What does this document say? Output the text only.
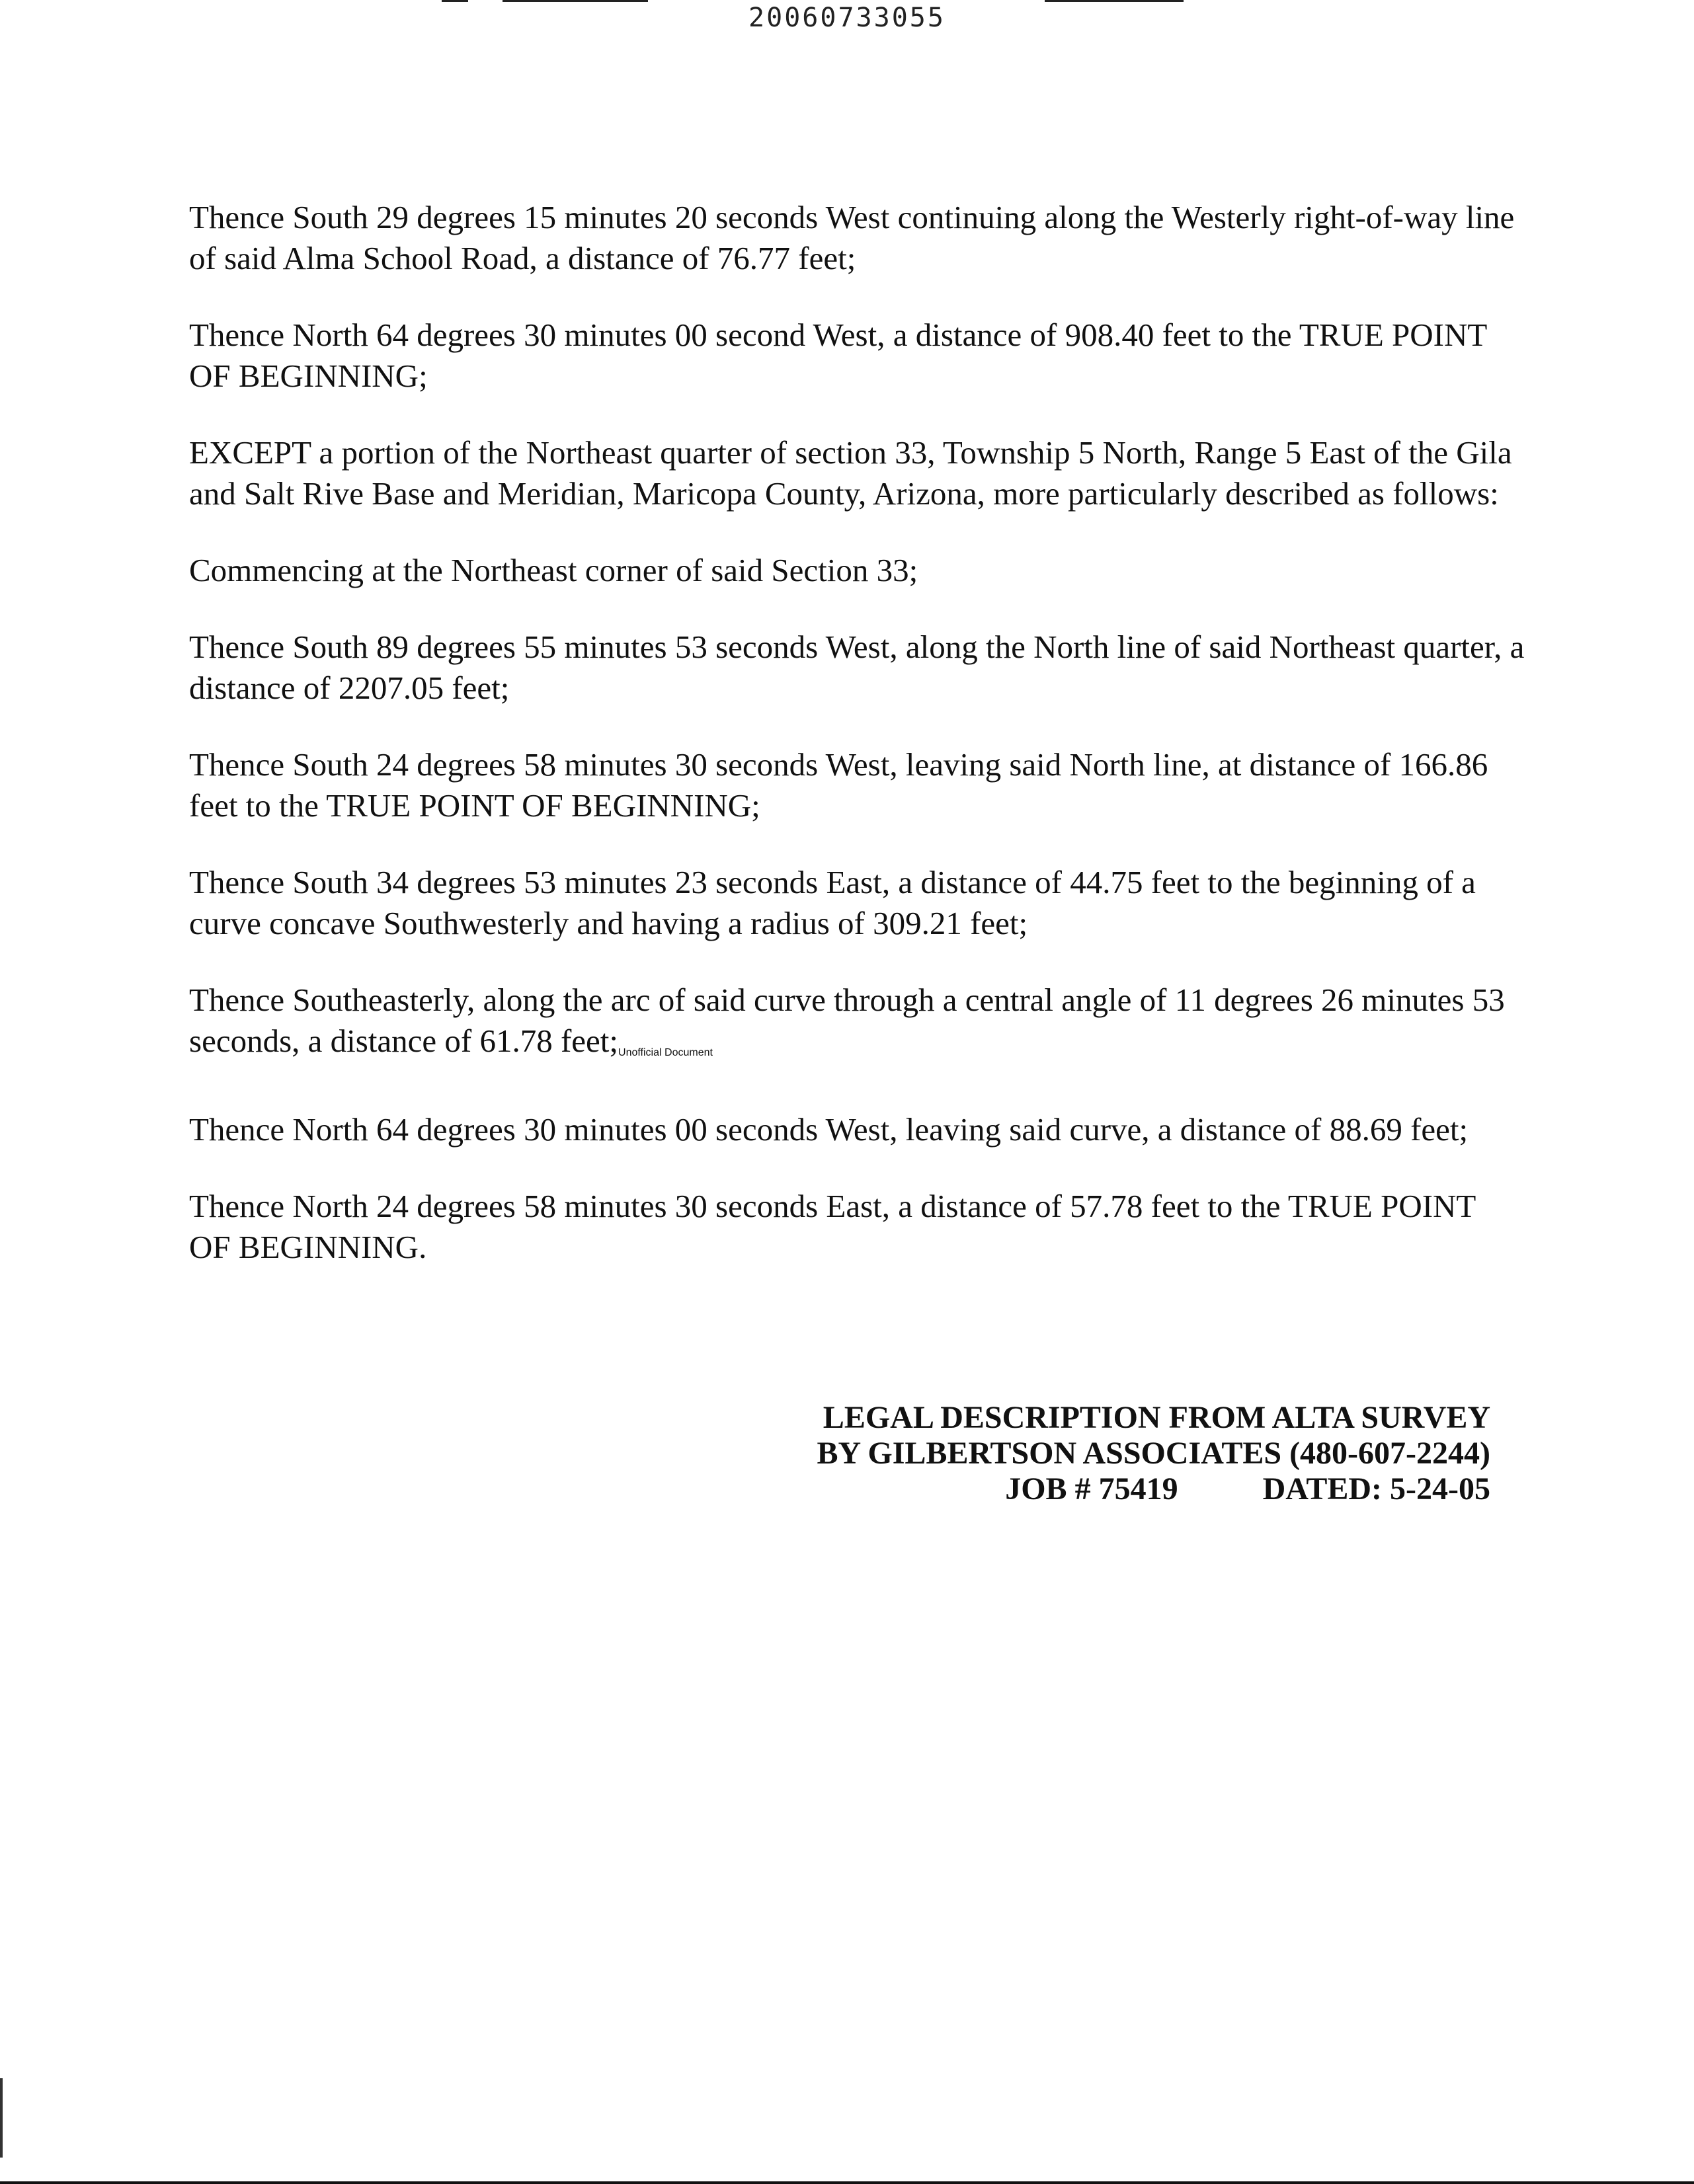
20060733055

Thence South 29 degrees 15 minutes 20 seconds West continuing along the Westerly right-of-way line of said Alma School Road, a distance of 76.77 feet;

Thence North 64 degrees 30 minutes 00 second West, a distance of 908.40 feet to the TRUE POINT OF BEGINNING;

EXCEPT a portion of the Northeast quarter of section 33, Township 5 North, Range 5 East of the Gila and Salt Rive Base and Meridian, Maricopa County, Arizona, more particularly described as follows:

Commencing at the Northeast corner of said Section 33;

Thence South 89 degrees 55 minutes 53 seconds West, along the North line of said Northeast quarter, a distance of 2207.05 feet;

Thence South 24 degrees 58 minutes 30 seconds West, leaving said North line, at distance of 166.86 feet to the TRUE POINT OF BEGINNING;

Thence South 34 degrees 53 minutes 23 seconds East, a distance of 44.75 feet to the beginning of a curve concave Southwesterly and having a radius of 309.21 feet;

Thence Southeasterly, along the arc of said curve through a central angle of 11 degrees 26 minutes 53 seconds, a distance of 61.78 feet;Unofficial Document

Thence North 64 degrees 30 minutes 00 seconds West, leaving said curve, a distance of 88.69 feet;

Thence North 24 degrees 58 minutes 30 seconds East, a distance of 57.78 feet to the TRUE POINT OF BEGINNING.

LEGAL DESCRIPTION FROM ALTA SURVEY
BY GILBERTSON ASSOCIATES (480-607-2244)
JOB # 75419	DATED: 5-24-05
